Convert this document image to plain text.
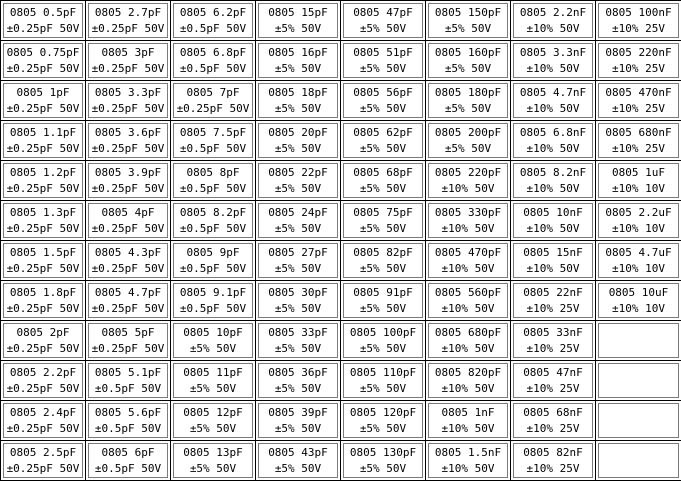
0805 0.5pF
±0.25pF 50V
0805 2.7pF
±0.25pF 50V
0805 6.2pF
±0.5pF 50V
0805 15pF
±5% 50V
0805 47pF
±5% 50V
0805 150pF
±5% 50V
0805 2.2nF
±10% 50V
0805 100nF
±10% 25V
0805 0.75pF
±0.25pF 50V
0805 3pF
±0.25pF 50V
0805 6.8pF
±0.5pF 50V
0805 16pF
±5% 50V
0805 51pF
±5% 50V
0805 160pF
±5% 50V
0805 3.3nF
±10% 50V
0805 220nF
±10% 25V
0805 1pF
±0.25pF 50V
0805 3.3pF
±0.25pF 50V
0805 7pF
±0.25pF 50V
0805 18pF
±5% 50V
0805 56pF
±5% 50V
0805 180pF
±5% 50V
0805 4.7nF
±10% 50V
0805 470nF
±10% 25V
0805 1.1pF
±0.25pF 50V
0805 3.6pF
±0.25pF 50V
0805 7.5pF
±0.5pF 50V
0805 20pF
±5% 50V
0805 62pF
±5% 50V
0805 200pF
±5% 50V
0805 6.8nF
±10% 50V
0805 680nF
±10% 25V
0805 1.2pF
±0.25pF 50V
0805 3.9pF
±0.25pF 50V
0805 8pF
±0.5pF 50V
0805 22pF
±5% 50V
0805 68pF
±5% 50V
0805 220pF
±10% 50V
0805 8.2nF
±10% 50V
0805 1uF
±10% 10V
0805 1.3pF
±0.25pF 50V
0805 4pF
±0.25pF 50V
0805 8.2pF
±0.5pF 50V
0805 24pF
±5% 50V
0805 75pF
±5% 50V
0805 330pF
±10% 50V
0805 10nF
±10% 50V
0805 2.2uF
±10% 10V
0805 1.5pF
±0.25pF 50V
0805 4.3pF
±0.25pF 50V
0805 9pF
±0.5pF 50V
0805 27pF
±5% 50V
0805 82pF
±5% 50V
0805 470pF
±10% 50V
0805 15nF
±10% 50V
0805 4.7uF
±10% 10V
0805 1.8pF
±0.25pF 50V
0805 4.7pF
±0.25pF 50V
0805 9.1pF
±0.5pF 50V
0805 30pF
±5% 50V
0805 91pF
±5% 50V
0805 560pF
±10% 50V
0805 22nF
±10% 25V
0805 10uF
±10% 10V
0805 2pF
±0.25pF 50V
0805 5pF
±0.25pF 50V
0805 10pF
±5% 50V
0805 33pF
±5% 50V
0805 100pF
±5% 50V
0805 680pF
±10% 50V
0805 33nF
±10% 25V
0805 2.2pF
±0.25pF 50V
0805 5.1pF
±0.5pF 50V
0805 11pF
±5% 50V
0805 36pF
±5% 50V
0805 110pF
±5% 50V
0805 820pF
±10% 50V
0805 47nF
±10% 25V
0805 2.4pF
±0.25pF 50V
0805 5.6pF
±0.5pF 50V
0805 12pF
±5% 50V
0805 39pF
±5% 50V
0805 120pF
±5% 50V
0805 1nF
±10% 50V
0805 68nF
±10% 25V
0805 2.5pF
±0.25pF 50V
0805 6pF
±0.5pF 50V
0805 13pF
±5% 50V
0805 43pF
±5% 50V
0805 130pF
±5% 50V
0805 1.5nF
±10% 50V
0805 82nF
±10% 25V
